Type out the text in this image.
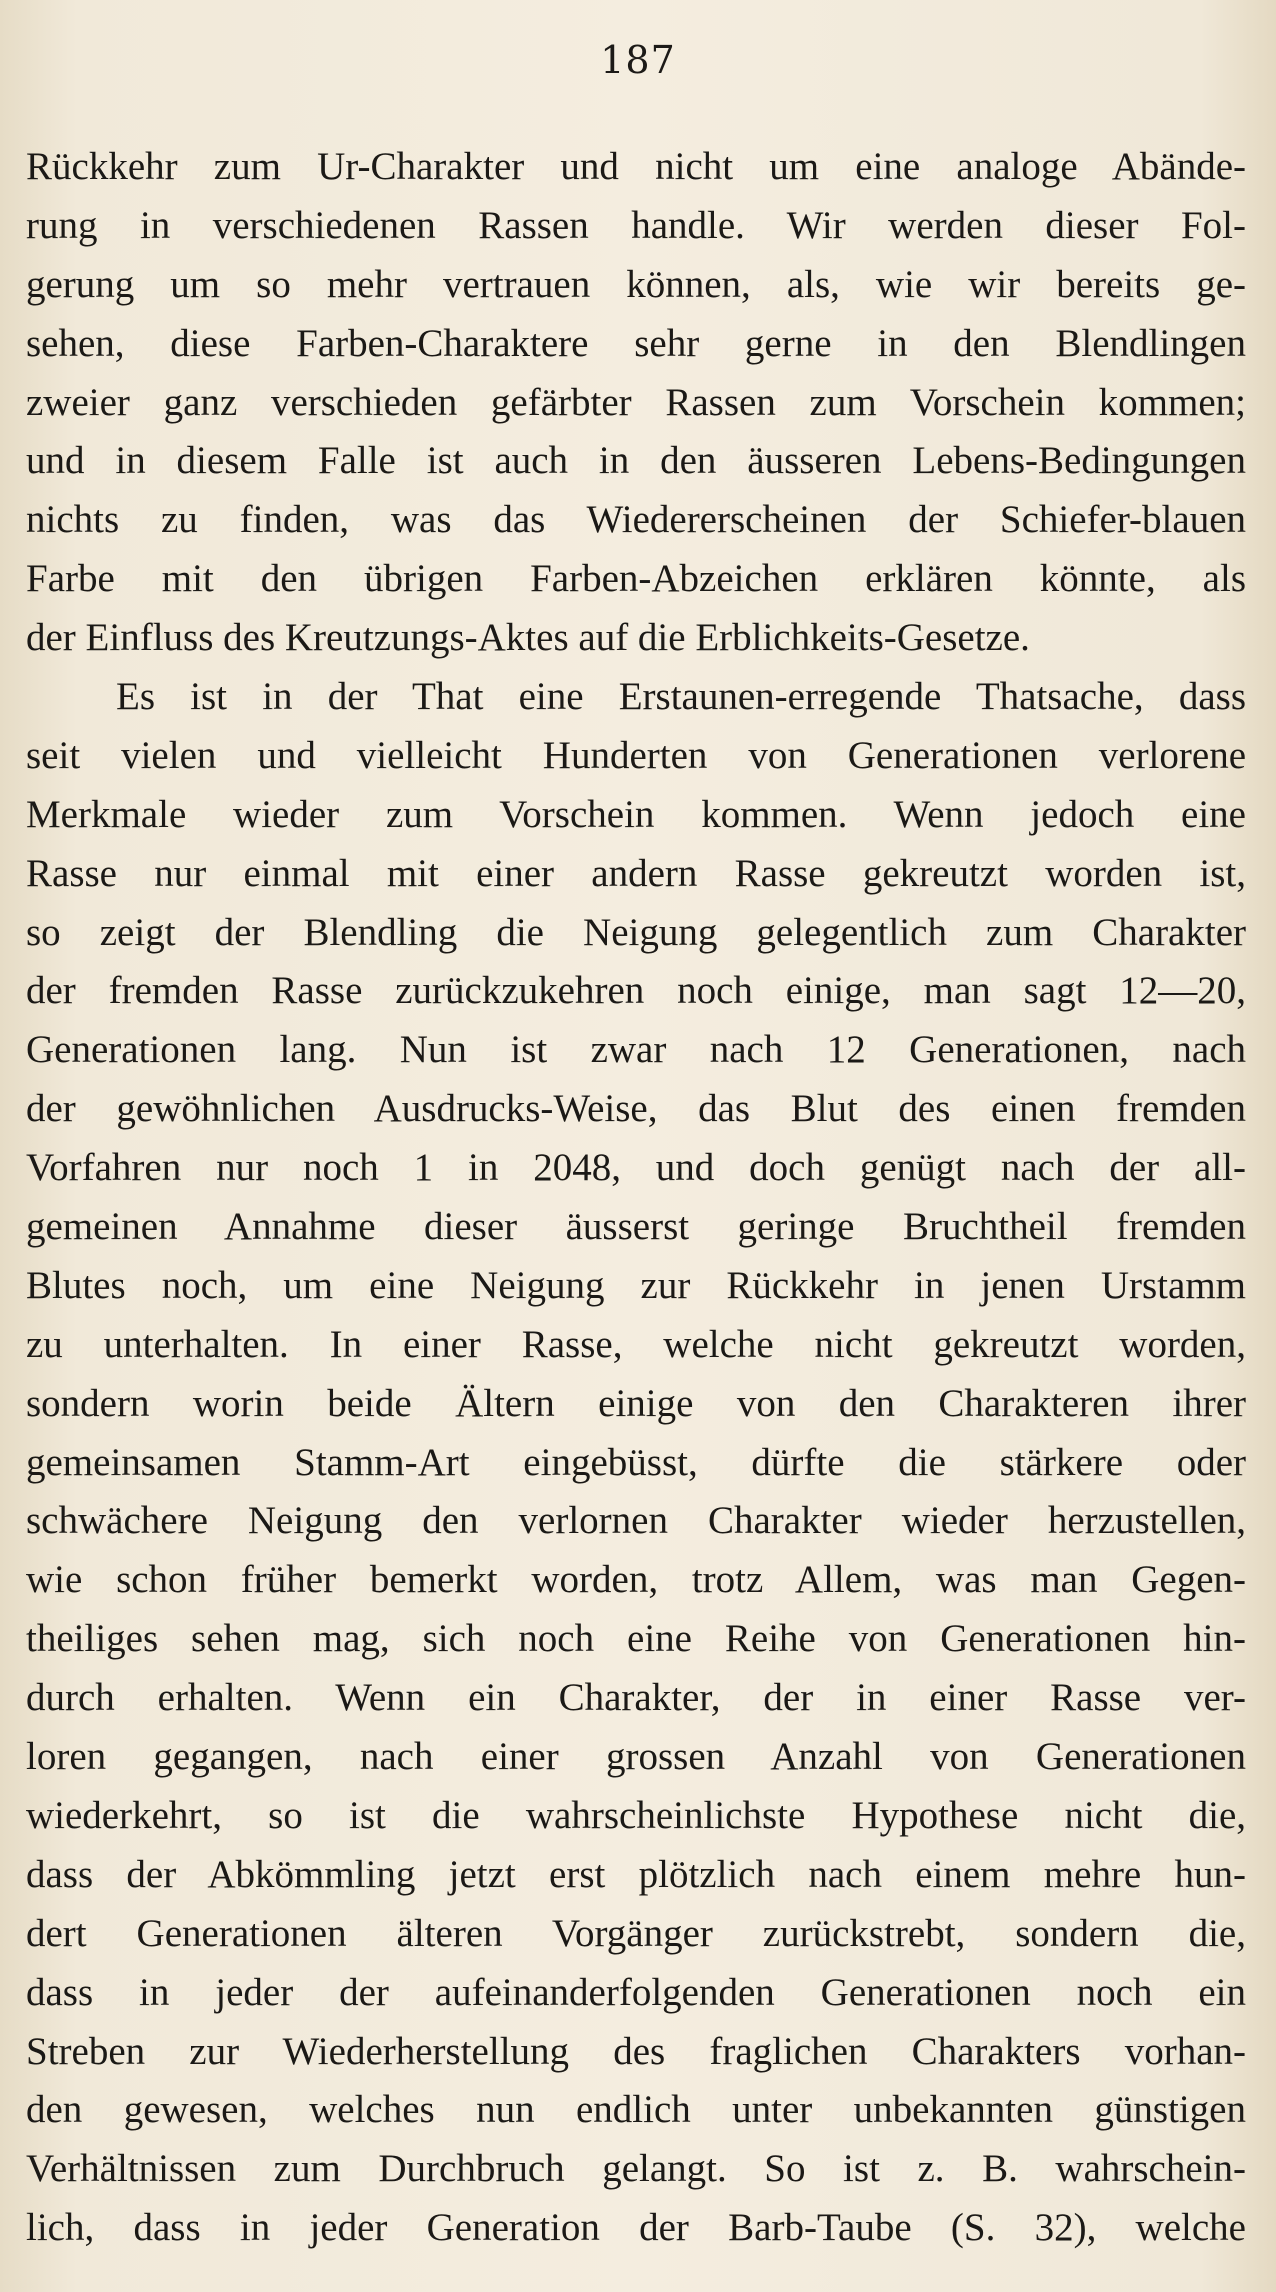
187
Rückkehr zum Ur-Charakter und nicht um eine analoge Abände-
rung in verschiedenen Rassen handle. Wir werden dieser Fol-
gerung um so mehr vertrauen können, als, wie wir bereits ge-
sehen, diese Farben-Charaktere sehr gerne in den Blendlingen
zweier ganz verschieden gefärbter Rassen zum Vorschein kommen;
und in diesem Falle ist auch in den äusseren Lebens-Bedingungen
nichts zu finden, was das Wiedererscheinen der Schiefer-blauen
Farbe mit den übrigen Farben-Abzeichen erklären könnte, als
der Einfluss des Kreutzungs-Aktes auf die Erblichkeits-Gesetze.
Es ist in der That eine Erstaunen-erregende Thatsache, dass
seit vielen und vielleicht Hunderten von Generationen verlorene
Merkmale wieder zum Vorschein kommen. Wenn jedoch eine
Rasse nur einmal mit einer andern Rasse gekreutzt worden ist,
so zeigt der Blendling die Neigung gelegentlich zum Charakter
der fremden Rasse zurückzukehren noch einige, man sagt 12—20,
Generationen lang. Nun ist zwar nach 12 Generationen, nach
der gewöhnlichen Ausdrucks-Weise, das Blut des einen fremden
Vorfahren nur noch 1 in 2048, und doch genügt nach der all-
gemeinen Annahme dieser äusserst geringe Bruchtheil fremden
Blutes noch, um eine Neigung zur Rückkehr in jenen Urstamm
zu unterhalten. In einer Rasse, welche nicht gekreutzt worden,
sondern worin beide Ältern einige von den Charakteren ihrer
gemeinsamen Stamm-Art eingebüsst, dürfte die stärkere oder
schwächere Neigung den verlornen Charakter wieder herzustellen,
wie schon früher bemerkt worden, trotz Allem, was man Gegen-
theiliges sehen mag, sich noch eine Reihe von Generationen hin-
durch erhalten. Wenn ein Charakter, der in einer Rasse ver-
loren gegangen, nach einer grossen Anzahl von Generationen
wiederkehrt, so ist die wahrscheinlichste Hypothese nicht die,
dass der Abkömmling jetzt erst plötzlich nach einem mehre hun-
dert Generationen älteren Vorgänger zurückstrebt, sondern die,
dass in jeder der aufeinanderfolgenden Generationen noch ein
Streben zur Wiederherstellung des fraglichen Charakters vorhan-
den gewesen, welches nun endlich unter unbekannten günstigen
Verhältnissen zum Durchbruch gelangt. So ist z. B. wahrschein-
lich, dass in jeder Generation der Barb-Taube (S. 32), welche
